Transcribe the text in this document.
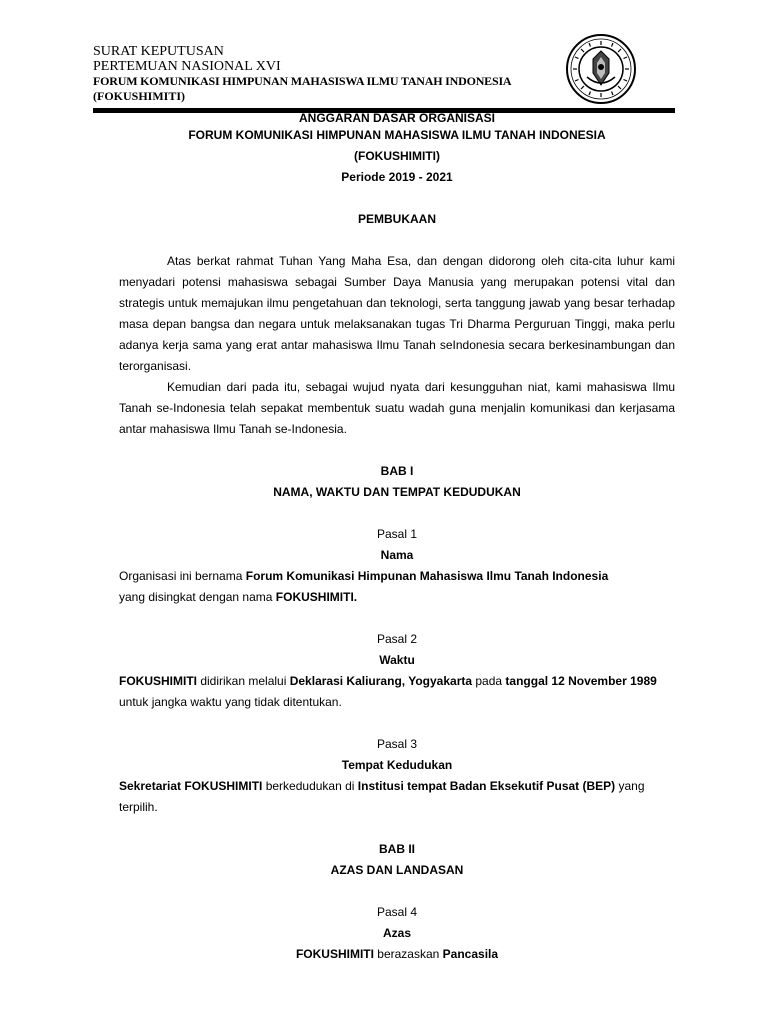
SURAT KEPUTUSAN
PERTEMUAN NASIONAL XVI
FORUM KOMUNIKASI HIMPUNAN MAHASISWA ILMU TANAH INDONESIA
(FOKUSHIMITI)
ANGGARAN DASAR ORGANISASI
FORUM KOMUNIKASI HIMPUNAN MAHASISWA ILMU TANAH INDONESIA
(FOKUSHIMITI)
Periode 2019 - 2021
PEMBUKAAN

Atas berkat rahmat Tuhan Yang Maha Esa, dan dengan didorong oleh cita-cita luhur kami menyadari potensi mahasiswa sebagai Sumber Daya Manusia yang merupakan potensi vital dan strategis untuk memajukan ilmu pengetahuan dan teknologi, serta tanggung jawab yang besar terhadap masa depan bangsa dan negara untuk melaksanakan tugas Tri Dharma Perguruan Tinggi, maka perlu adanya kerja sama yang erat antar mahasiswa Ilmu Tanah seIndonesia secara berkesinambungan dan terorganisasi.

Kemudian dari pada itu, sebagai wujud nyata dari kesungguhan niat, kami mahasiswa Ilmu Tanah se-Indonesia telah sepakat membentuk suatu wadah guna menjalin komunikasi dan kerjasama antar mahasiswa Ilmu Tanah se-Indonesia.

BAB I
NAMA, WAKTU DAN TEMPAT KEDUDUKAN
Pasal 1
Nama

Organisasi ini bernama Forum Komunikasi Himpunan Mahasiswa Ilmu Tanah Indonesia
yang disingkat dengan nama FOKUSHIMITI.

Pasal 2
Waktu

FOKUSHIMITI didirikan melalui Deklarasi Kaliurang, Yogyakarta pada tanggal 12 November 1989 untuk jangka waktu yang tidak ditentukan.

Pasal 3
Tempat Kedudukan

Sekretariat FOKUSHIMITI berkedudukan di Institusi tempat Badan Eksekutif Pusat (BEP) yang terpilih.

BAB II
AZAS DAN LANDASAN
Pasal 4
Azas
FOKUSHIMITI berazaskan Pancasila
